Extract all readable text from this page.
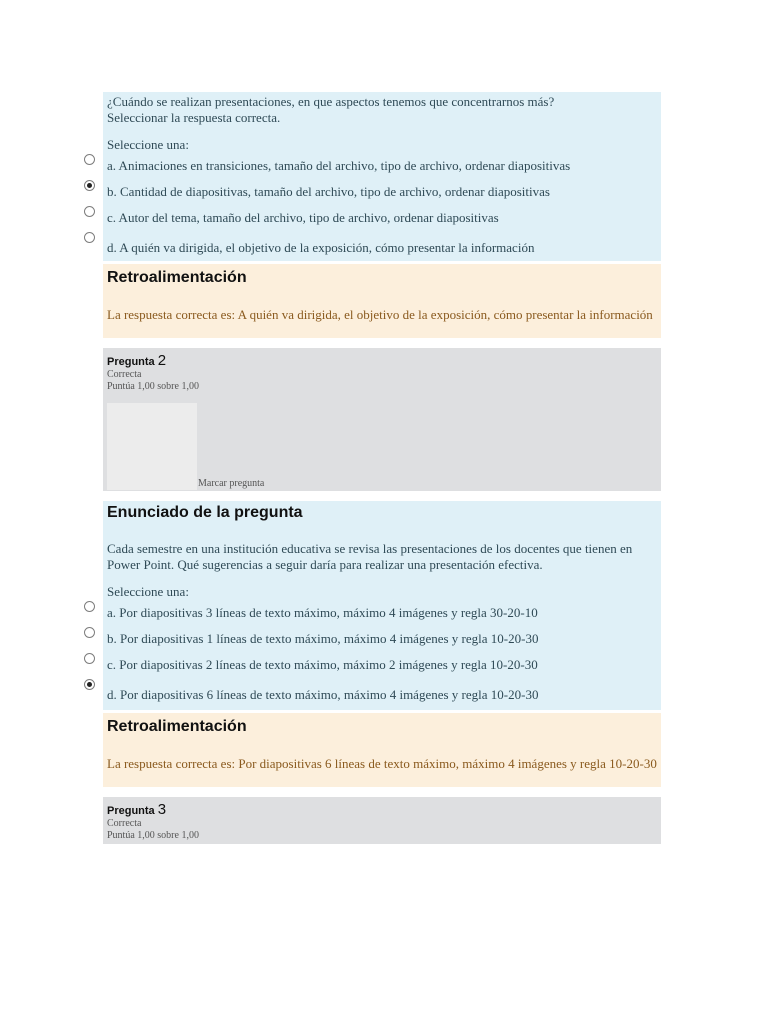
¿Cuándo se realizan presentaciones, en que aspectos tenemos que concentrarnos más?

Seleccionar la respuesta correcta.

Seleccione una:
a. Animaciones en transiciones, tamaño del archivo, tipo de archivo, ordenar diapositivas
b. Cantidad de diapositivas, tamaño del archivo, tipo de archivo, ordenar diapositivas
c. Autor del tema, tamaño del archivo, tipo de archivo, ordenar diapositivas
d. A quién va dirigida, el objetivo de la exposición, cómo presentar la información
Retroalimentación
La respuesta correcta es: A quién va dirigida, el objetivo de la exposición, cómo presentar la información
Pregunta 2
Correcta
Puntúa 1,00 sobre 1,00
Marcar pregunta
Enunciado de la pregunta
Cada semestre en una institución educativa se revisa las presentaciones de los docentes que tienen en Power Point. Qué sugerencias a seguir daría para realizar una presentación efectiva.
Seleccione una:
a. Por diapositivas 3 líneas de texto máximo, máximo 4 imágenes y regla 30-20-10
b. Por diapositivas 1 líneas de texto máximo, máximo 4 imágenes y regla 10-20-30
c. Por diapositivas 2 líneas de texto máximo, máximo 2 imágenes y regla 10-20-30
d. Por diapositivas 6 líneas de texto máximo, máximo 4 imágenes y regla 10-20-30
Retroalimentación
La respuesta correcta es: Por diapositivas 6 líneas de texto máximo, máximo 4 imágenes y regla 10-20-30
Pregunta 3
Correcta
Puntúa 1,00 sobre 1,00
